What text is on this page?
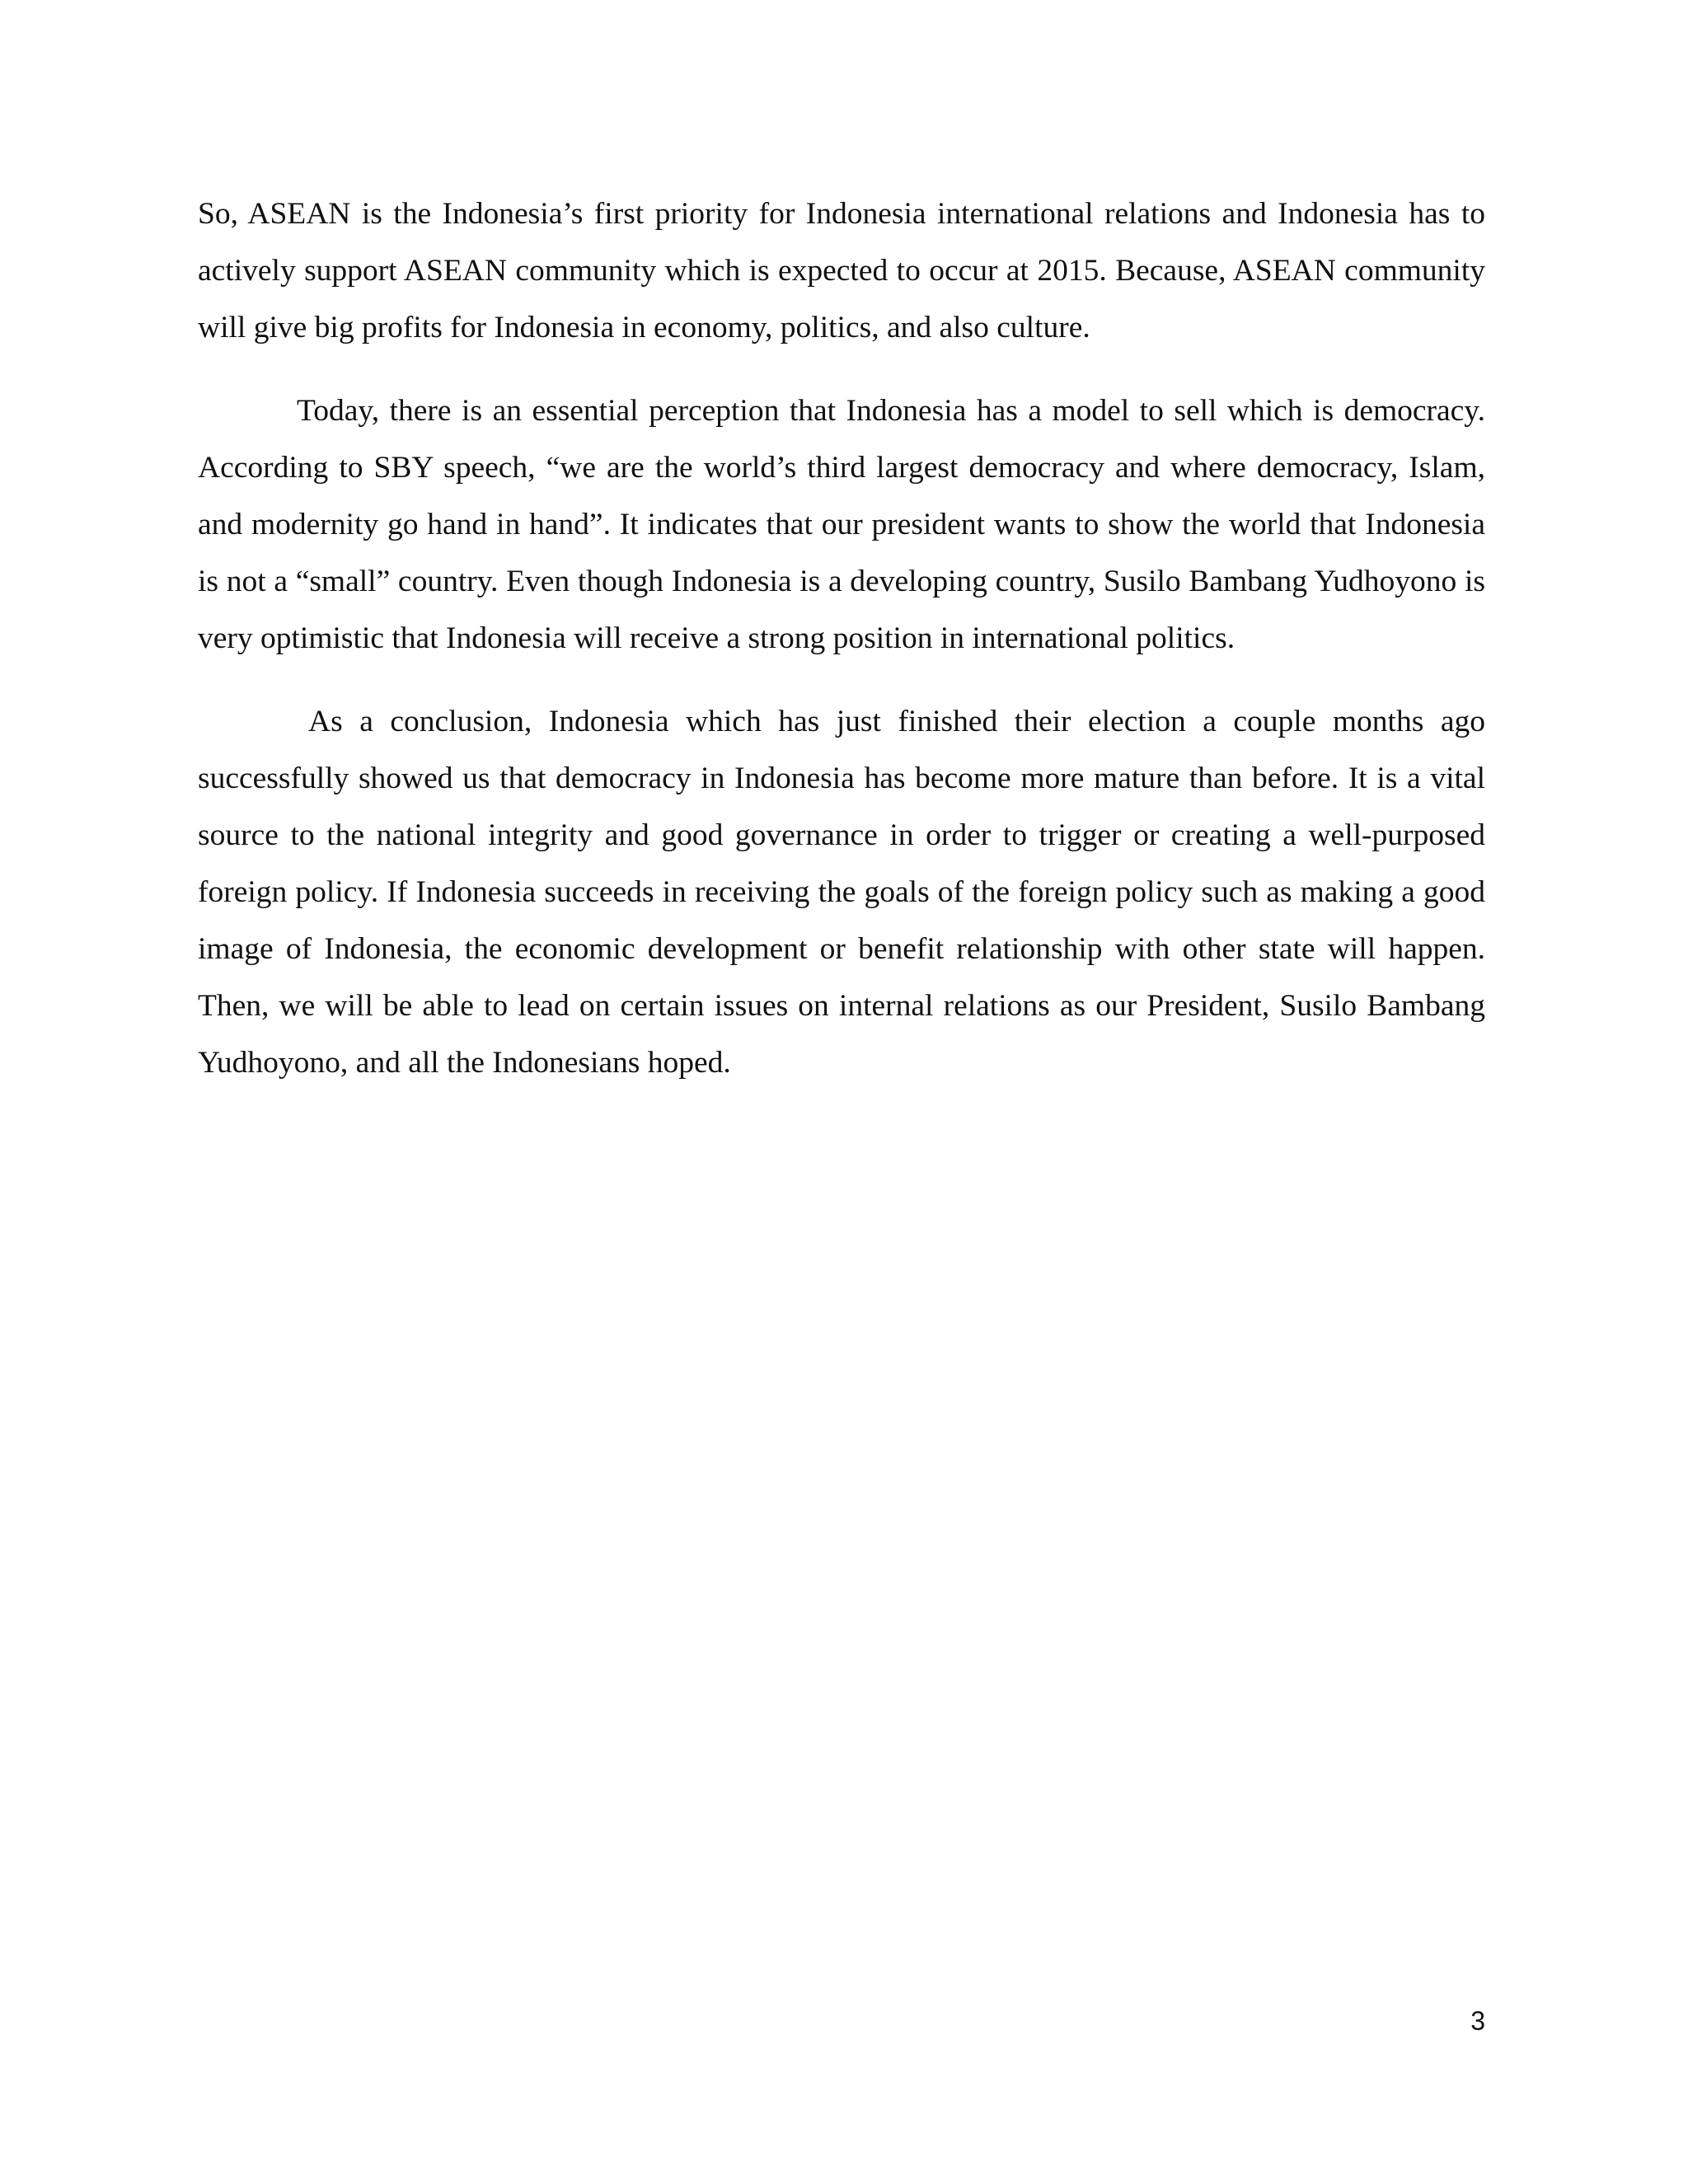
So, ASEAN is the Indonesia’s first priority for Indonesia international relations and Indonesia has to actively support ASEAN community which is expected to occur at 2015. Because, ASEAN community will give big profits for Indonesia in economy, politics, and also culture.

Today, there is an essential perception that Indonesia has a model to sell which is democracy. According to SBY speech, “we are the world’s third largest democracy and where democracy, Islam, and modernity go hand in hand”. It indicates that our president wants to show the world that Indonesia is not a “small” country. Even though Indonesia is a developing country, Susilo Bambang Yudhoyono is very optimistic that Indonesia will receive a strong position in international politics.

As a conclusion, Indonesia which has just finished their election a couple months ago successfully showed us that democracy in Indonesia has become more mature than before. It is a vital source to the national integrity and good governance in order to trigger or creating a well-purposed foreign policy. If Indonesia succeeds in receiving the goals of the foreign policy such as making a good image of Indonesia, the economic development or benefit relationship with other state will happen. Then, we will be able to lead on certain issues on internal relations as our President, Susilo Bambang Yudhoyono, and all the Indonesians hoped.

3
